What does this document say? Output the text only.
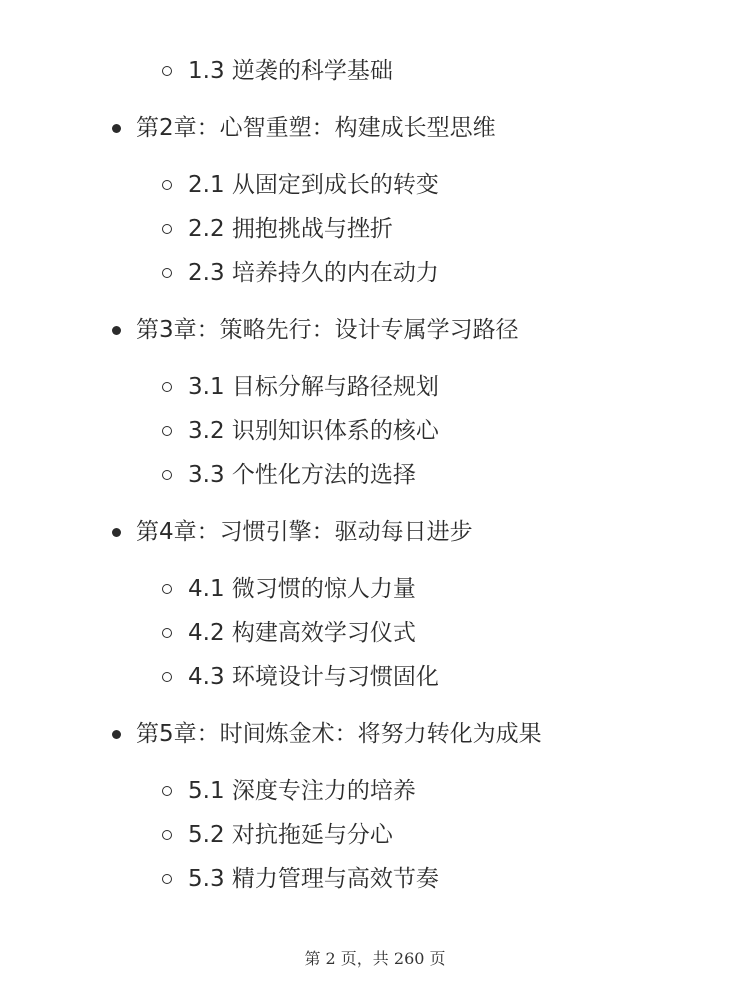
1.3 逆袭的科学基础
第2章：心智重塑：构建成长型思维
2.1 从固定到成长的转变
2.2 拥抱挑战与挫折
2.3 培养持久的内在动力
第3章：策略先行：设计专属学习路径
3.1 目标分解与路径规划
3.2 识别知识体系的核心
3.3 个性化方法的选择
第4章：习惯引擎：驱动每日进步
4.1 微习惯的惊人力量
4.2 构建高效学习仪式
4.3 环境设计与习惯固化
第5章：时间炼金术：将努力转化为成果
5.1 深度专注力的培养
5.2 对抗拖延与分心
5.3 精力管理与高效节奏
第 2 页，共 260 页
